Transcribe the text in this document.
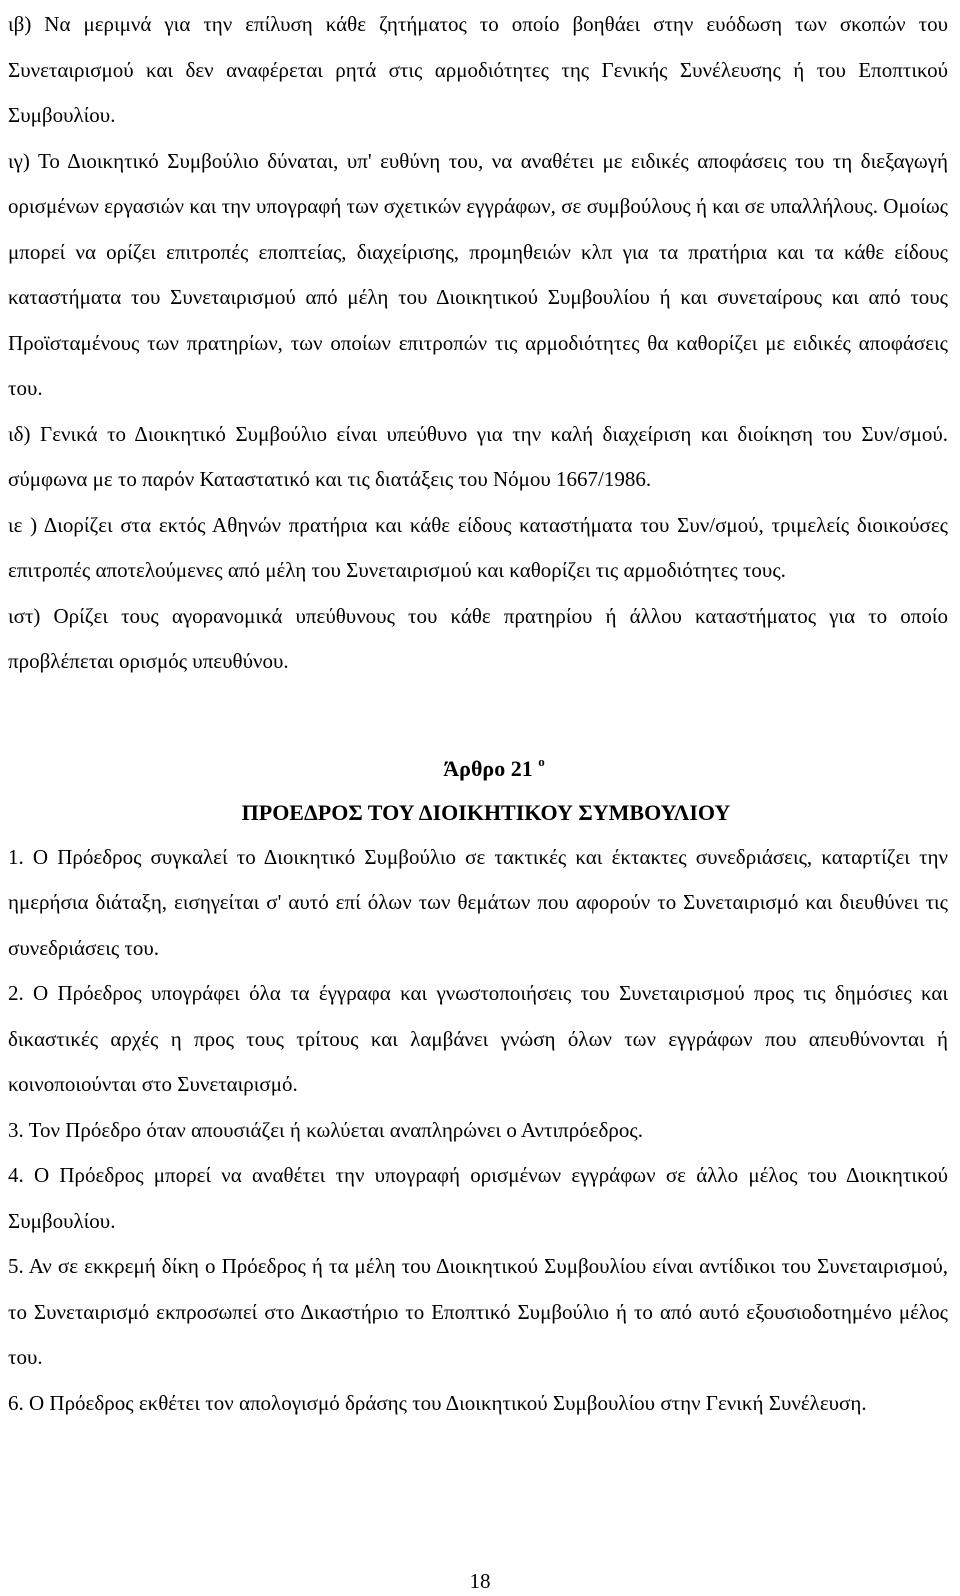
ιβ) Να μεριμνά για την επίλυση κάθε ζητήματος το οποίο βοηθάει στην ευόδωση των σκοπών του Συνεταιρισμού και δεν αναφέρεται ρητά στις αρμοδιότητες της Γενικής Συνέλευσης ή του Εποπτικού Συμβουλίου.

ιγ) Το Διοικητικό Συμβούλιο δύναται, υπ' ευθύνη του, να αναθέτει με ειδικές αποφάσεις του τη διεξαγωγή ορισμένων εργασιών και την υπογραφή των σχετικών εγγράφων, σε συμβούλους ή και σε υπαλλήλους. Ομοίως μπορεί να ορίζει επιτροπές εποπτείας, διαχείρισης, προμηθειών κλπ για τα πρατήρια και τα κάθε είδους καταστήματα του Συνεταιρισμού από μέλη του Διοικητικού Συμβουλίου ή και συνεταίρους και από τους Προϊσταμένους των πρατηρίων, των οποίων επιτροπών τις αρμοδιότητες θα καθορίζει με ειδικές αποφάσεις του.

ιδ) Γενικά το Διοικητικό Συμβούλιο είναι υπεύθυνο για την καλή διαχείριση και διοίκηση του Συν/σμού. σύμφωνα με το παρόν Καταστατικό και τις διατάξεις του Νόμου 1667/1986.

ιε ) Διορίζει στα εκτός Αθηνών πρατήρια και κάθε είδους καταστήματα του Συν/σμού, τριμελείς διοικούσες επιτροπές αποτελούμενες από μέλη του Συνεταιρισμού και καθορίζει τις αρμοδιότητες τους.

ιστ) Ορίζει τους αγορανομικά υπεύθυνους του κάθε πρατηρίου ή άλλου καταστήματος για το οποίο προβλέπεται ορισμός υπευθύνου.

Άρθρο 21 $^o$

ΠΡΟΕΔΡΟΣ ΤΟΥ ΔΙΟΙΚΗΤΙΚΟΥ ΣΥΜΒΟΥΛΙΟΥ

1. Ο Πρόεδρος συγκαλεί το Διοικητικό Συμβούλιο σε τακτικές και έκτακτες συνεδριάσεις, καταρτίζει την ημερήσια διάταξη, εισηγείται σ' αυτό επί όλων των θεμάτων που αφορούν το Συνεταιρισμό και διευθύνει τις συνεδριάσεις του.

2. Ο Πρόεδρος υπογράφει όλα τα έγγραφα και γνωστοποιήσεις του Συνεταιρισμού προς τις δημόσιες και δικαστικές αρχές η προς τους τρίτους και λαμβάνει γνώση όλων των εγγράφων που απευθύνονται ή κοινοποιούνται στο Συνεταιρισμό.

3. Τον Πρόεδρο όταν απουσιάζει ή κωλύεται αναπληρώνει ο Αντιπρόεδρος.

4. Ο Πρόεδρος μπορεί να αναθέτει την υπογραφή ορισμένων εγγράφων σε άλλο μέλος του Διοικητικού Συμβουλίου.

5. Αν σε εκκρεμή δίκη ο Πρόεδρος ή τα μέλη του Διοικητικού Συμβουλίου είναι αντίδικοι του Συνεταιρισμού, το Συνεταιρισμό εκπροσωπεί στο Δικαστήριο το Εποπτικό Συμβούλιο ή το από αυτό εξουσιοδοτημένο μέλος του.

6. Ο Πρόεδρος εκθέτει τον απολογισμό δράσης του Διοικητικού Συμβουλίου στην Γενική Συνέλευση.

18
